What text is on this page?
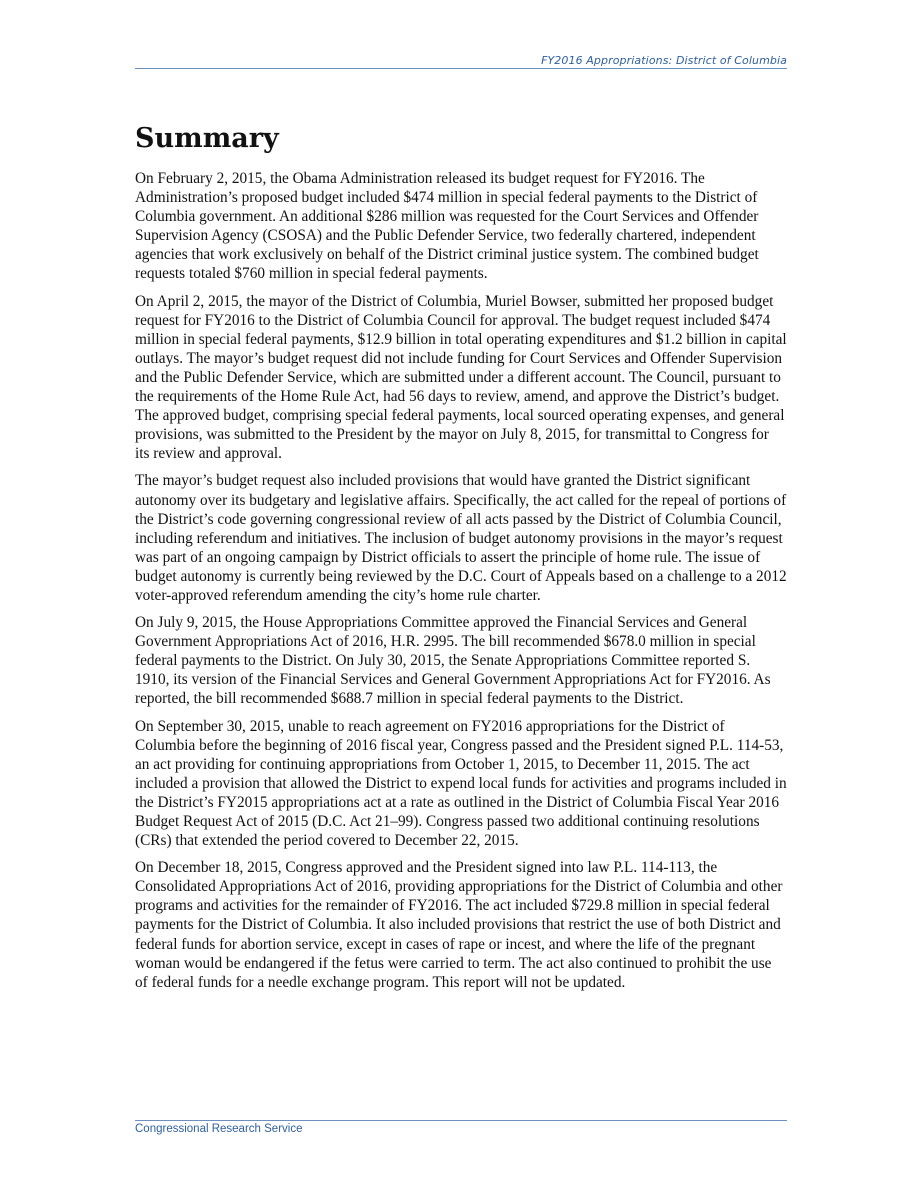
FY2016 Appropriations: District of Columbia
Summary

On February 2, 2015, the Obama Administration released its budget request for FY2016. The Administration’s proposed budget included $474 million in special federal payments to the District of Columbia government. An additional $286 million was requested for the Court Services and Offender Supervision Agency (CSOSA) and the Public Defender Service, two federally chartered, independent agencies that work exclusively on behalf of the District criminal justice system. The combined budget requests totaled $760 million in special federal payments.

On April 2, 2015, the mayor of the District of Columbia, Muriel Bowser, submitted her proposed budget request for FY2016 to the District of Columbia Council for approval. The budget request included $474 million in special federal payments, $12.9 billion in total operating expenditures and $1.2 billion in capital outlays. The mayor’s budget request did not include funding for Court Services and Offender Supervision and the Public Defender Service, which are submitted under a different account. The Council, pursuant to the requirements of the Home Rule Act, had 56 days to review, amend, and approve the District’s budget. The approved budget, comprising special federal payments, local sourced operating expenses, and general provisions, was submitted to the President by the mayor on July 8, 2015, for transmittal to Congress for its review and approval.

The mayor’s budget request also included provisions that would have granted the District significant autonomy over its budgetary and legislative affairs. Specifically, the act called for the repeal of portions of the District’s code governing congressional review of all acts passed by the District of Columbia Council, including referendum and initiatives. The inclusion of budget autonomy provisions in the mayor’s request was part of an ongoing campaign by District officials to assert the principle of home rule. The issue of budget autonomy is currently being reviewed by the D.C. Court of Appeals based on a challenge to a 2012 voter-approved referendum amending the city’s home rule charter.

On July 9, 2015, the House Appropriations Committee approved the Financial Services and General Government Appropriations Act of 2016, H.R. 2995. The bill recommended $678.0 million in special federal payments to the District. On July 30, 2015, the Senate Appropriations Committee reported S. 1910, its version of the Financial Services and General Government Appropriations Act for FY2016. As reported, the bill recommended $688.7 million in special federal payments to the District.

On September 30, 2015, unable to reach agreement on FY2016 appropriations for the District of Columbia before the beginning of 2016 fiscal year, Congress passed and the President signed P.L. 114-53, an act providing for continuing appropriations from October 1, 2015, to December 11, 2015. The act included a provision that allowed the District to expend local funds for activities and programs included in the District’s FY2015 appropriations act at a rate as outlined in the District of Columbia Fiscal Year 2016 Budget Request Act of 2015 (D.C. Act 21–99). Congress passed two additional continuing resolutions (CRs) that extended the period covered to December 22, 2015.

On December 18, 2015, Congress approved and the President signed into law P.L. 114-113, the Consolidated Appropriations Act of 2016, providing appropriations for the District of Columbia and other programs and activities for the remainder of FY2016. The act included $729.8 million in special federal payments for the District of Columbia. It also included provisions that restrict the use of both District and federal funds for abortion service, except in cases of rape or incest, and where the life of the pregnant woman would be endangered if the fetus were carried to term. The act also continued to prohibit the use of federal funds for a needle exchange program. This report will not be updated.

Congressional Research Service
